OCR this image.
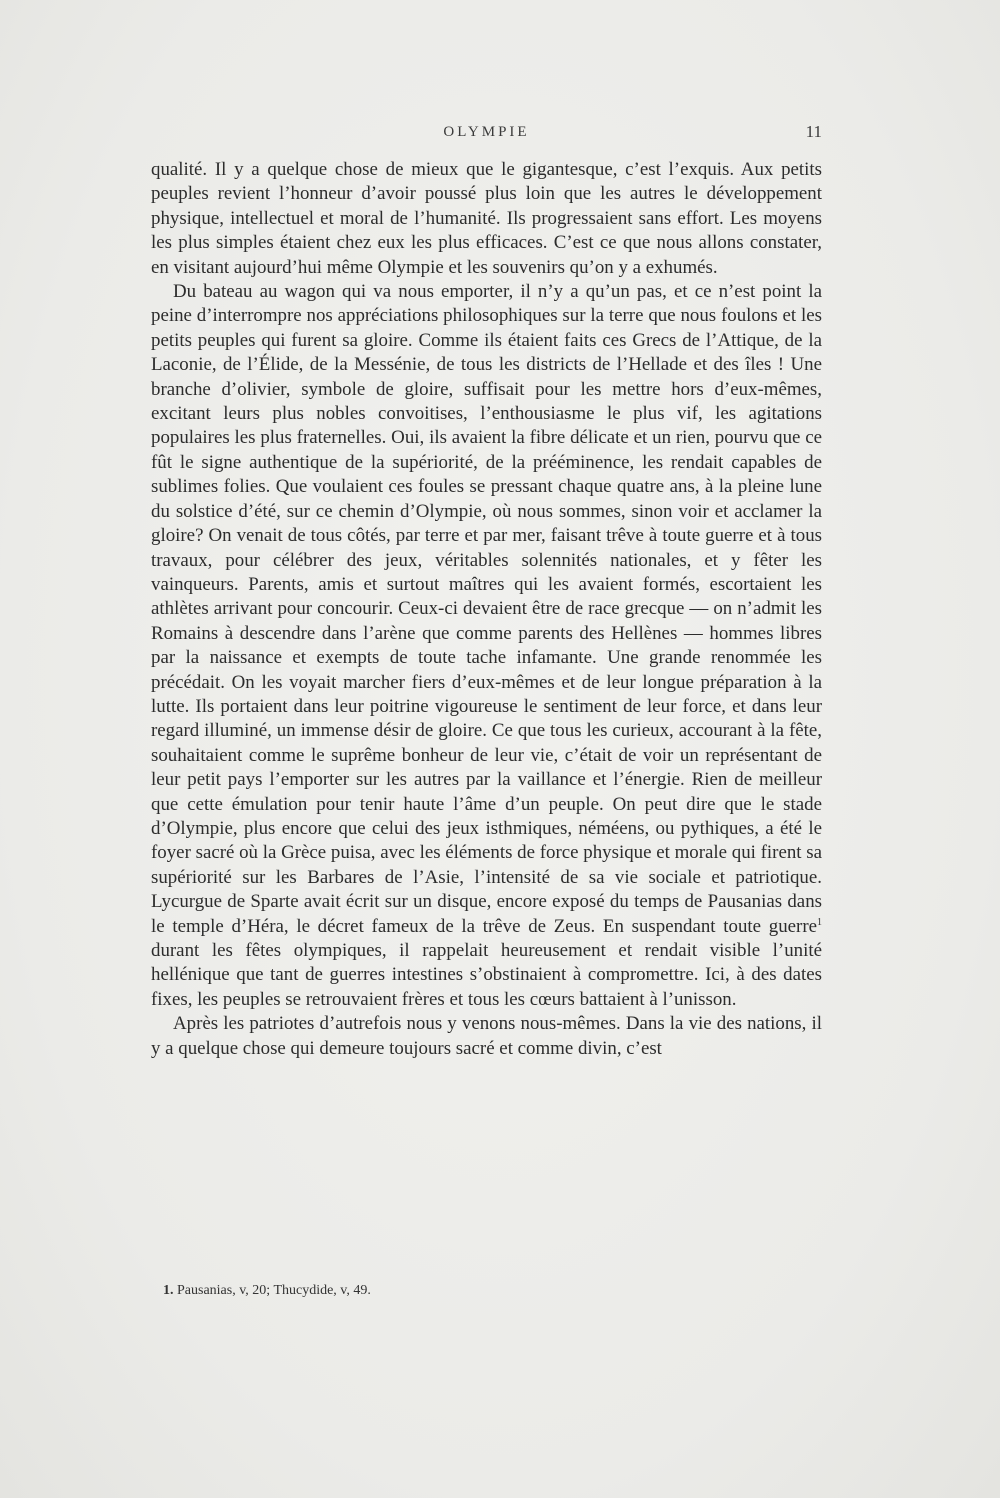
OLYMPIE	11

qualité. Il y a quelque chose de mieux que le gigantesque, c’est l’exquis. Aux petits peuples revient l’honneur d’avoir poussé plus loin que les autres le développement physique, intellectuel et moral de l’humanité. Ils progressaient sans effort. Les moyens les plus simples étaient chez eux les plus efficaces. C’est ce que nous allons constater, en visitant aujourd’hui même Olympie et les souvenirs qu’on y a exhumés.

Du bateau au wagon qui va nous emporter, il n’y a qu’un pas, et ce n’est point la peine d’interrompre nos appréciations philosophiques sur la terre que nous foulons et les petits peuples qui furent sa gloire. Comme ils étaient faits ces Grecs de l’Attique, de la Laconie, de l’Élide, de la Messénie, de tous les districts de l’Hellade et des îles ! Une branche d’olivier, symbole de gloire, suffisait pour les mettre hors d’eux-mêmes, excitant leurs plus nobles convoitises, l’enthousiasme le plus vif, les agitations populaires les plus fraternelles. Oui, ils avaient la fibre délicate et un rien, pourvu que ce fût le signe authentique de la supériorité, de la prééminence, les rendait capables de sublimes folies. Que voulaient ces foules se pressant chaque quatre ans, à la pleine lune du solstice d’été, sur ce chemin d’Olympie, où nous sommes, sinon voir et acclamer la gloire? On venait de tous côtés, par terre et par mer, faisant trêve à toute guerre et à tous travaux, pour célébrer des jeux, véritables solennités nationales, et y fêter les vainqueurs. Parents, amis et surtout maîtres qui les avaient formés, escortaient les athlètes arrivant pour concourir. Ceux-ci devaient être de race grecque — on n’admit les Romains à descendre dans l’arène que comme parents des Hellènes — hommes libres par la naissance et exempts de toute tache infamante. Une grande renommée les précédait. On les voyait marcher fiers d’eux-mêmes et de leur longue préparation à la lutte. Ils portaient dans leur poitrine vigoureuse le sentiment de leur force, et dans leur regard illuminé, un immense désir de gloire. Ce que tous les curieux, accourant à la fête, souhaitaient comme le suprême bonheur de leur vie, c’était de voir un représentant de leur petit pays l’emporter sur les autres par la vaillance et l’énergie. Rien de meilleur que cette émulation pour tenir haute l’âme d’un peuple. On peut dire que le stade d’Olympie, plus encore que celui des jeux isthmiques, néméens, ou pythiques, a été le foyer sacré où la Grèce puisa, avec les éléments de force physique et morale qui firent sa supériorité sur les Barbares de l’Asie, l’intensité de sa vie sociale et patriotique. Lycurgue de Sparte avait écrit sur un disque, encore exposé du temps de Pausanias dans le temple d’Héra, le décret fameux de la trêve de Zeus. En suspendant toute guerre$^1$ durant les fêtes olympiques, il rappelait heureusement et rendait visible l’unité hellénique que tant de guerres intestines s’obstinaient à compromettre. Ici, à des dates fixes, les peuples se retrouvaient frères et tous les cœurs battaient à l’unisson.

Après les patriotes d’autrefois nous y venons nous-mêmes. Dans la vie des nations, il y a quelque chose qui demeure toujours sacré et comme divin, c’est

1. Pausanias, v, 20; Thucydide, v, 49.
